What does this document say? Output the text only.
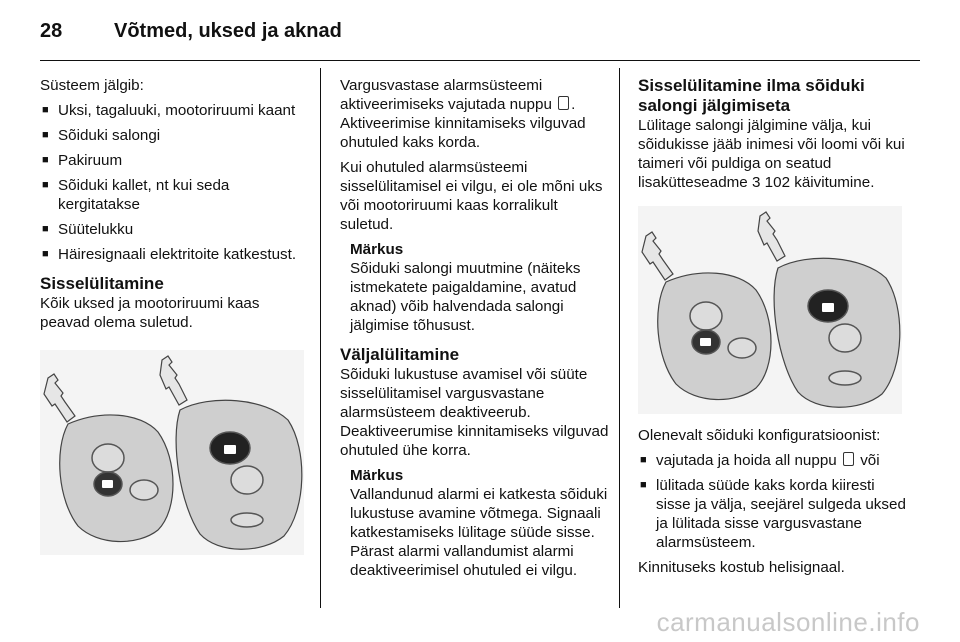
28	Võtmed, uksed ja aknad

Süsteem jälgib:

■ Uksi, tagaluuki, mootoriruumi kaant
■ Sõiduki salongi
■ Pakiruum
■ Sõiduki kallet, nt kui seda kergitatakse
■ Süütelukku
■ Häiresignaali elektritoite katkestust.
Sisselülitamine

Kõik uksed ja mootoriruumi kaas peavad olema suletud.

Vargusvastase alarmsüsteemi aktiveerimiseks vajutada nuppu . Aktiveerimise kinnitamiseks vilguvad ohutuled kaks korda.

Kui ohutuled alarmsüsteemi sisselülitamisel ei vilgu, ei ole mõni uks või mootoriruumi kaas korralikult suletud.

Märkus

Sõiduki salongi muutmine (näiteks istmekatete paigaldamine, avatud aknad) võib halvendada salongi jälgimise tõhusust.

Väljalülitamine

Sõiduki lukustuse avamisel või süüte sisselülitamisel vargusvastane alarmsüsteem deaktiveerub. Deaktiveerumise kinnitamiseks vilguvad ohutuled ühe korra.

Märkus

Vallandunud alarmi ei katkesta sõiduki lukustuse avamine võtmega. Signaali katkestamiseks lülitage süüde sisse. Pärast alarmi vallandumist alarmi deaktiveerimisel ohutuled ei vilgu.

Sisselülitamine ilma sõiduki salongi jälgimiseta

Lülitage salongi jälgimine välja, kui sõidukisse jääb inimesi või loomi või kui taimeri või puldiga on seatud lisakütteseadme 3 102 käivitumine.

Olenevalt sõiduki konfiguratsioonist:

■ vajutada ja hoida all nuppu või
■ lülitada süüde kaks korda kiiresti sisse ja välja, seejärel sulgeda uksed ja lülitada sisse vargusvastane alarmsüsteem.

Kinnituseks kostub helisignaal.

carmanualsonline.info
